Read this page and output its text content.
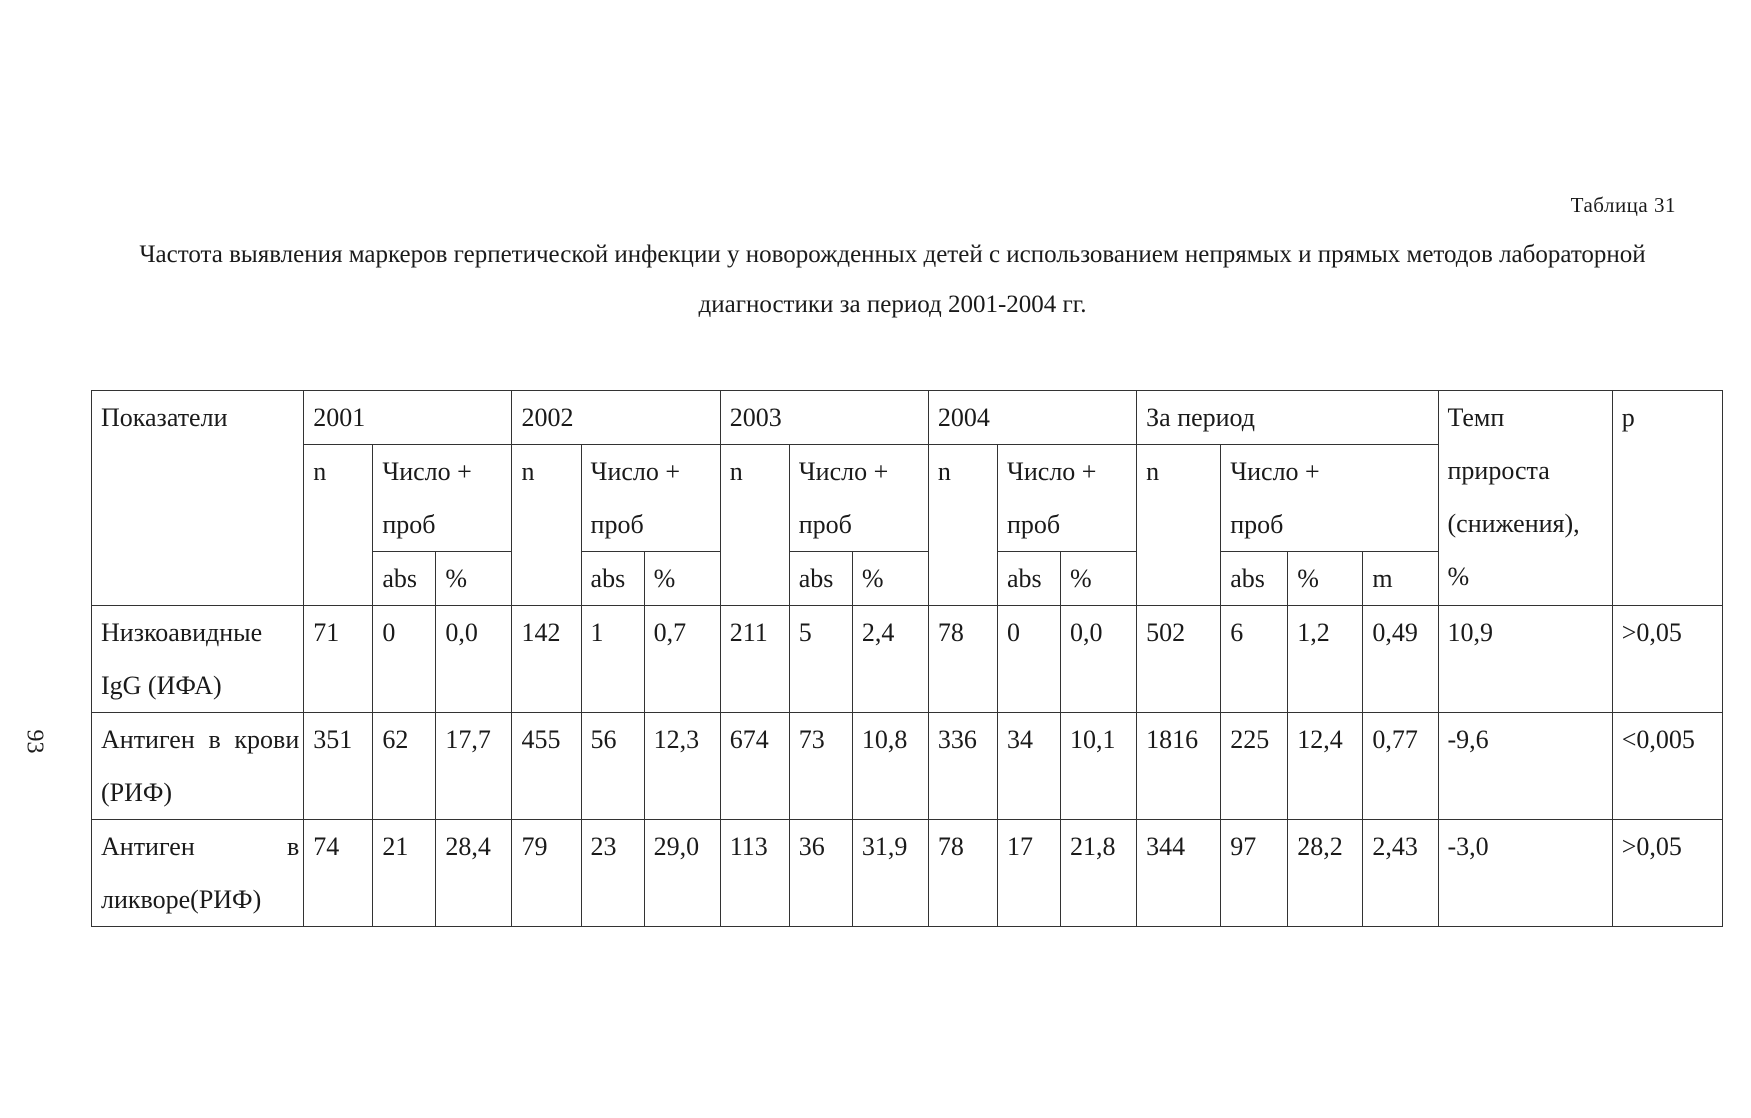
Таблица 31
Частота выявления маркеров герпетической инфекции у новорожденных детей с использованием непрямых и прямых методов лабораторной диагностики за период 2001-2004 гг.
93
Показатели	2001			2002			2003			2004			За период				Темп прироста (снижения), %	p
	n	Число + проб		n	Число + проб		n	Число + проб		n	Число + проб		n	Число + проб				
		abs	%		abs	%		abs	%		abs	%		abs	%	m		
Низкоавидные IgG (ИФА)	71	0	0,0	142	1	0,7	211	5	2,4	78	0	0,0	502	6	1,2	0,49	10,9	>0,05
Антиген в крови (РИФ)	351	62	17,7	455	56	12,3	674	73	10,8	336	34	10,1	1816	225	12,4	0,77	-9,6	<0,005
Антиген в ликворе(РИФ)	74	21	28,4	79	23	29,0	113	36	31,9	78	17	21,8	344	97	28,2	2,43	-3,0	>0,05
